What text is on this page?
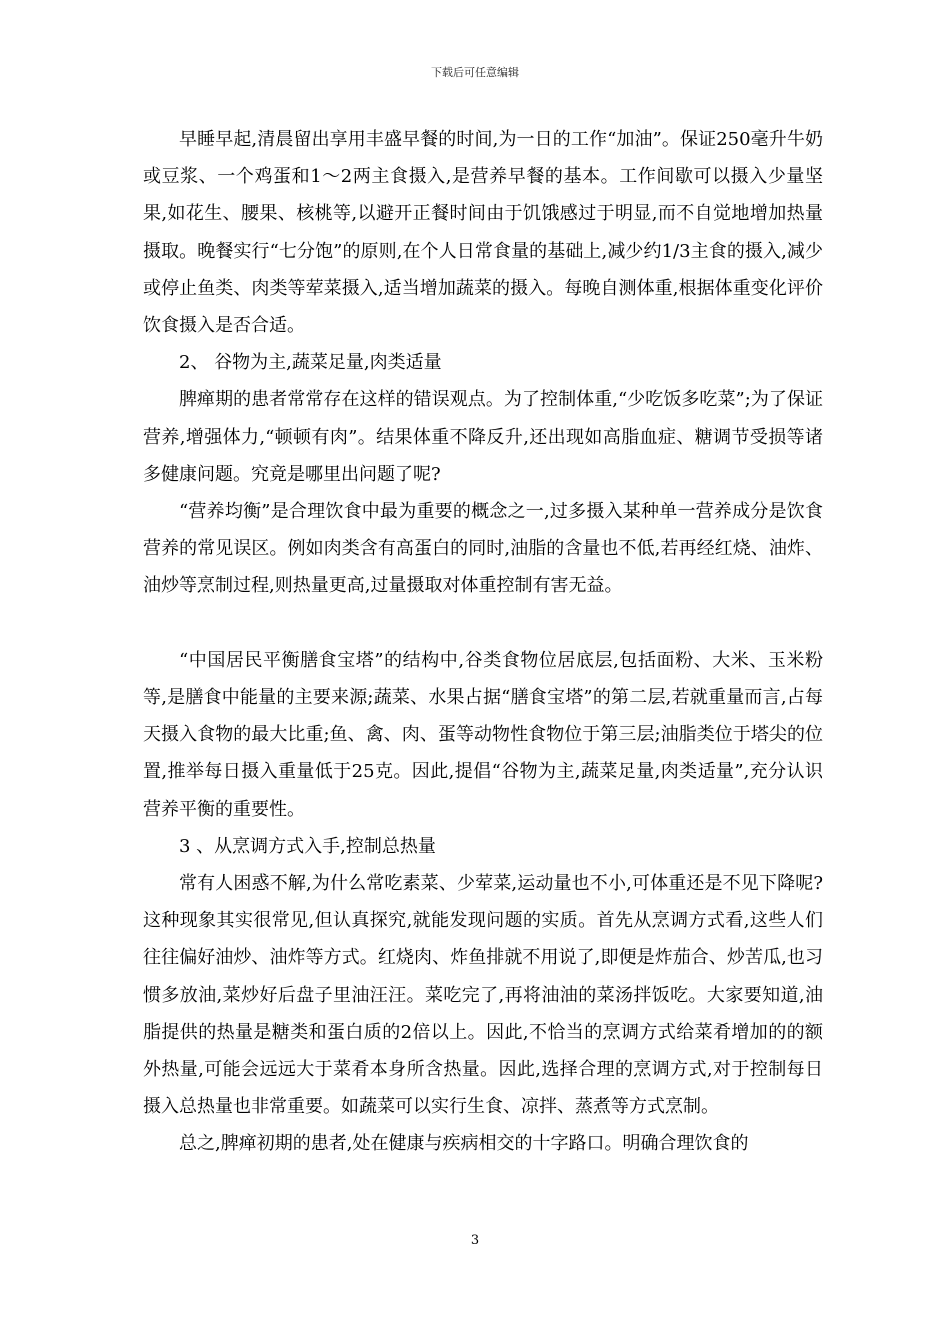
下载后可任意编辑

早睡早起,清晨留出享用丰盛早餐的时间,为一日的工作“加油”。保证250毫升牛奶或豆浆、一个鸡蛋和1～2两主食摄入,是营养早餐的基本。工作间歇可以摄入少量坚果,如花生、腰果、核桃等,以避开正餐时间由于饥饿感过于明显,而不自觉地增加热量摄取。晚餐实行“七分饱”的原则,在个人日常食量的基础上,减少约1/3主食的摄入,减少或停止鱼类、肉类等荤菜摄入,适当增加蔬菜的摄入。每晚自测体重,根据体重变化评价饮食摄入是否合适。

2、 谷物为主,蔬菜足量,肉类适量

脾瘅期的患者常常存在这样的错误观点。为了控制体重,“少吃饭多吃菜”;为了保证营养,增强体力,“顿顿有肉”。结果体重不降反升,还出现如高脂血症、糖调节受损等诸多健康问题。究竟是哪里出问题了呢?

“营养均衡”是合理饮食中最为重要的概念之一,过多摄入某种单一营养成分是饮食营养的常见误区。例如肉类含有高蛋白的同时,油脂的含量也不低,若再经红烧、油炸、油炒等烹制过程,则热量更高,过量摄取对体重控制有害无益。

“中国居民平衡膳食宝塔”的结构中,谷类食物位居底层,包括面粉、大米、玉米粉等,是膳食中能量的主要来源;蔬菜、水果占据“膳食宝塔”的第二层,若就重量而言,占每天摄入食物的最大比重;鱼、禽、肉、蛋等动物性食物位于第三层;油脂类位于塔尖的位置,推举每日摄入重量低于25克。因此,提倡“谷物为主,蔬菜足量,肉类适量”,充分认识营养平衡的重要性。

3 、从烹调方式入手,控制总热量

常有人困惑不解,为什么常吃素菜、少荤菜,运动量也不小,可体重还是不见下降呢?这种现象其实很常见,但认真探究,就能发现问题的实质。首先从烹调方式看,这些人们往往偏好油炒、油炸等方式。红烧肉、炸鱼排就不用说了,即便是炸茄合、炒苦瓜,也习惯多放油,菜炒好后盘子里油汪汪。菜吃完了,再将油油的菜汤拌饭吃。大家要知道,油脂提供的热量是糖类和蛋白质的2倍以上。因此,不恰当的烹调方式给菜肴增加的的额外热量,可能会远远大于菜肴本身所含热量。因此,选择合理的烹调方式,对于控制每日摄入总热量也非常重要。如蔬菜可以实行生食、凉拌、蒸煮等方式烹制。

总之,脾瘅初期的患者,处在健康与疾病相交的十字路口。明确合理饮食的

3
